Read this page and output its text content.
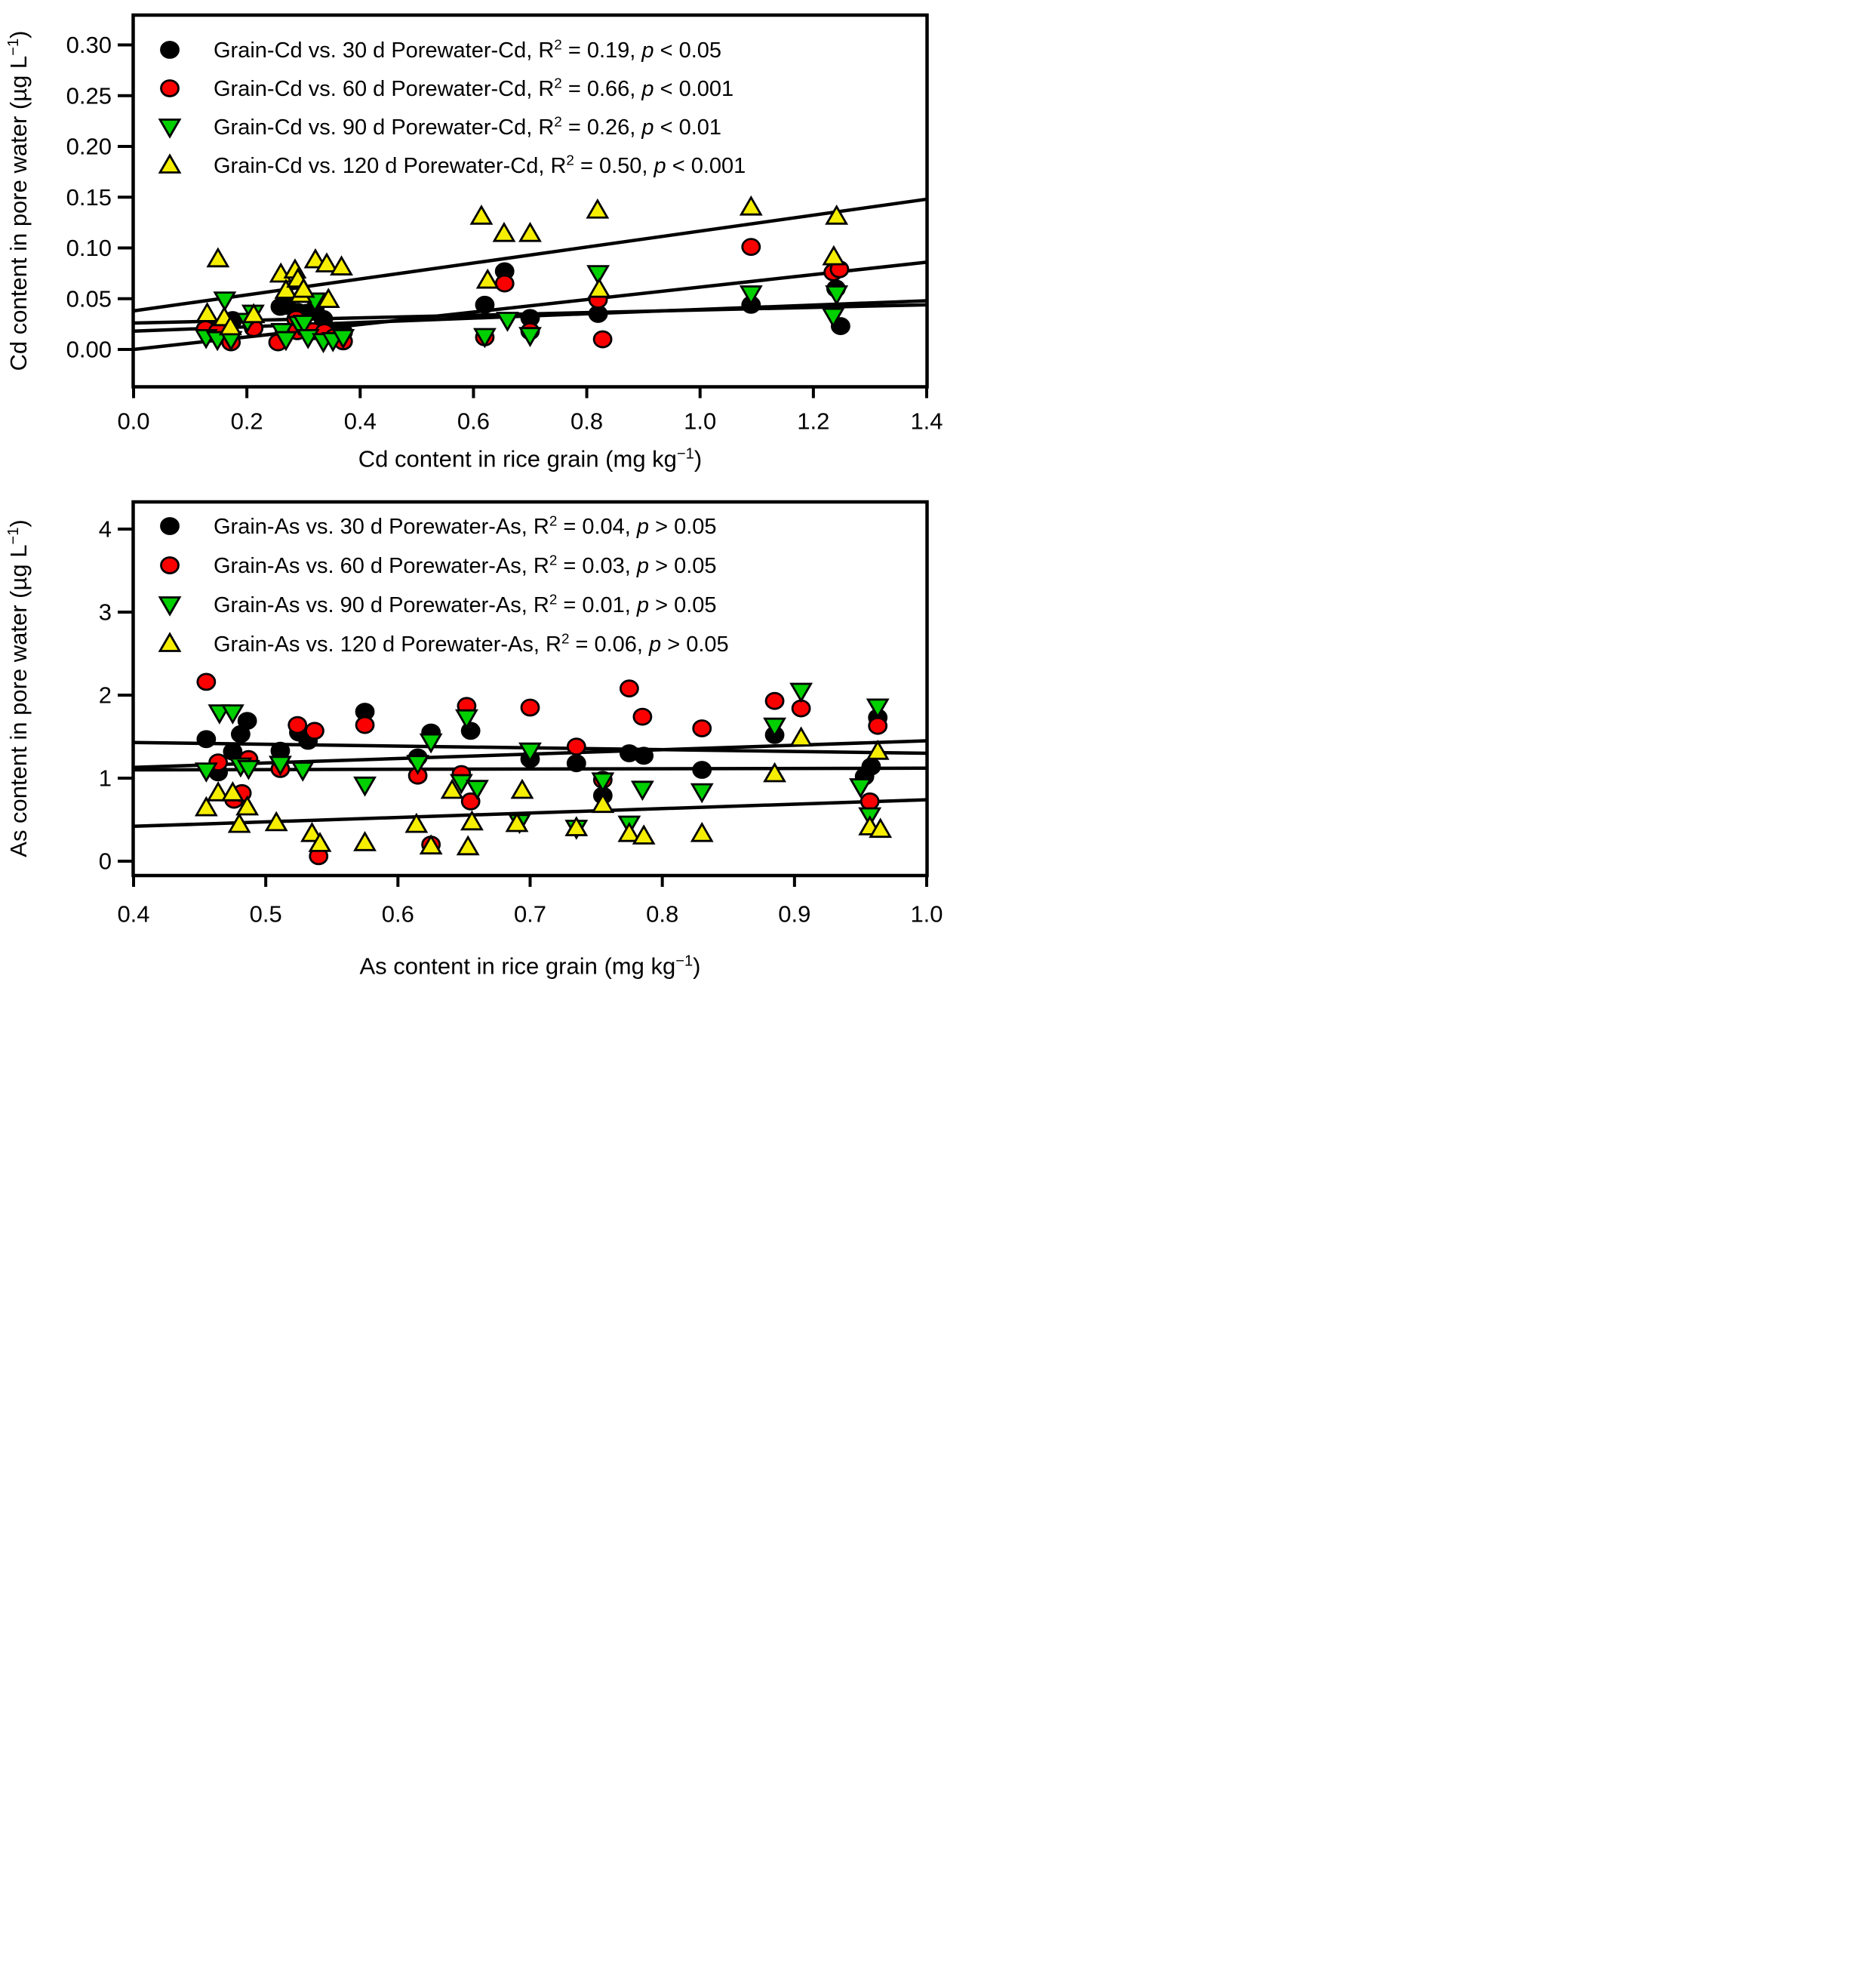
0.00
0.05
0.10
0.15
0.20
0.25
0.30
0.0	0.2	0.4	0.6	0.8	1.0	1.2	1.4
Grain-Cd vs. 30 d Porewater-Cd, $R^2 = 0.19$, p < 0.05
Grain-Cd vs. 60 d Porewater-Cd, $R^2 = 0.66$, p < 0.001
Grain-Cd vs. 90 d Porewater-Cd, $R^2 = 0.26$, p < 0.01
Grain-Cd vs. 120 d Porewater-Cd, $R^2 = 0.50$, p < 0.001
Cd content in rice grain (mg $kg^{-1}$)
Cd content in pore water (µg $L^{-1}$)
0
1
2
3
4
0.4	0.5	0.6	0.7	0.8	0.9	1.0
Grain-As vs. 30 d Porewater-As, $R^2 = 0.04$, p > 0.05
Grain-As vs. 60 d Porewater-As, $R^2 = 0.03$, p > 0.05
Grain-As vs. 90 d Porewater-As, $R^2 = 0.01$, p > 0.05
Grain-As vs. 120 d Porewater-As, $R^2 = 0.06$, p > 0.05
As content in rice grain (mg $kg^{-1}$)
As content in pore water (µg $L^{-1}$)
